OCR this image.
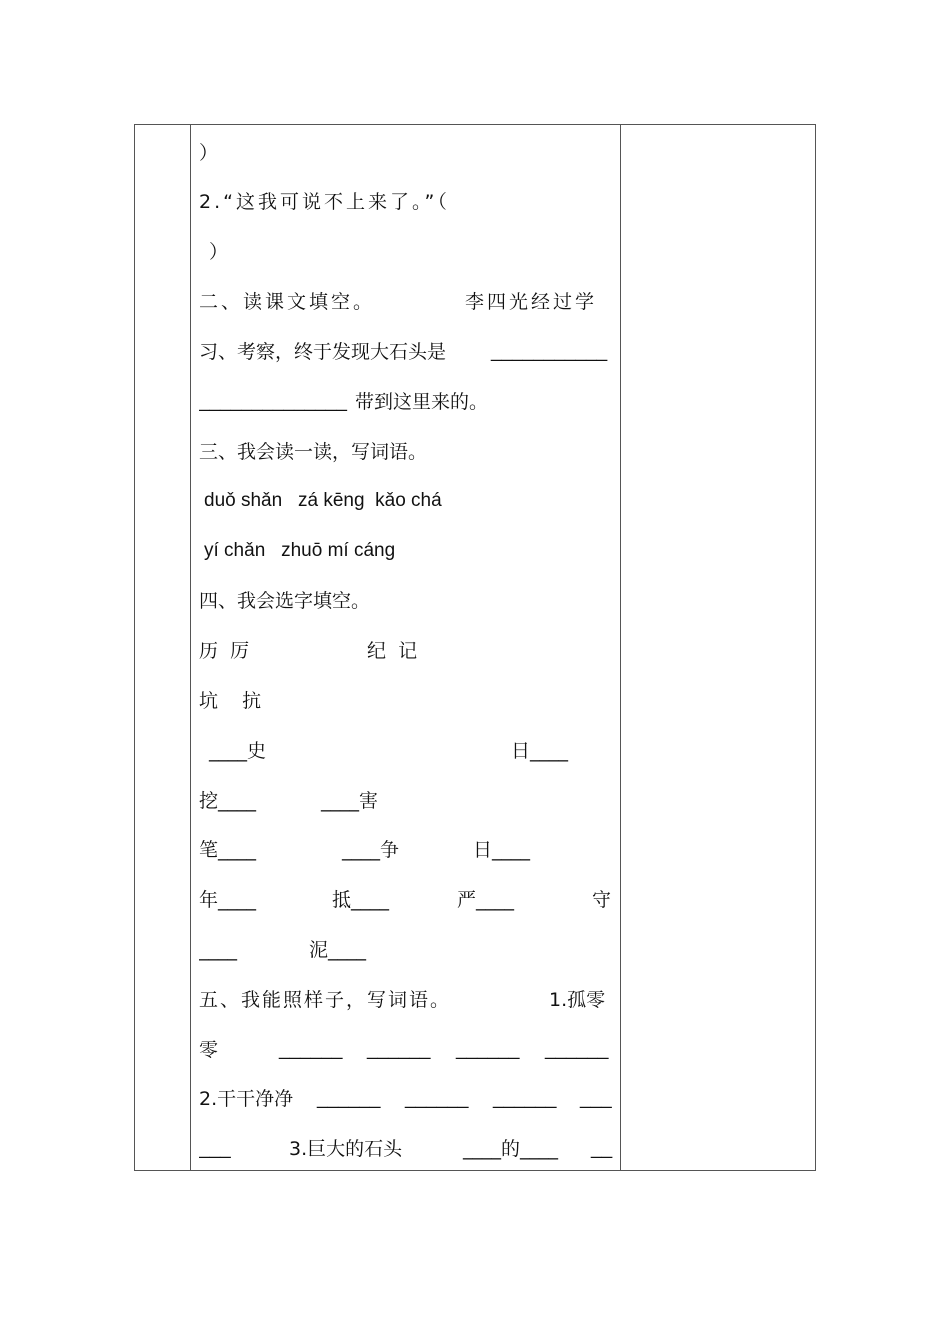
）

2.“这我可说不上来了。”（

）

二、读课文填空。

	李四光经过学

习、考察，终于发现大石头是

___________

______________

带到这里来的。

三、我会读一读，写词语。

duǒ shǎn   zá kēng  kǎo chá

yí chǎn   zhuō mí cáng

四、我会选字填空。

历  厉

	纪  记

坑    抗

____史

	日____

挖____

	____害

笔____

	____争

	日____

年____

	抵____

	严____

	守

____

	泥____

五、我能照样子，写词语。

	1.孤零

零

	______

______

______

______

2.干干净净

______

______

______

___

___

	3.巨大的石头

	____的____

__
